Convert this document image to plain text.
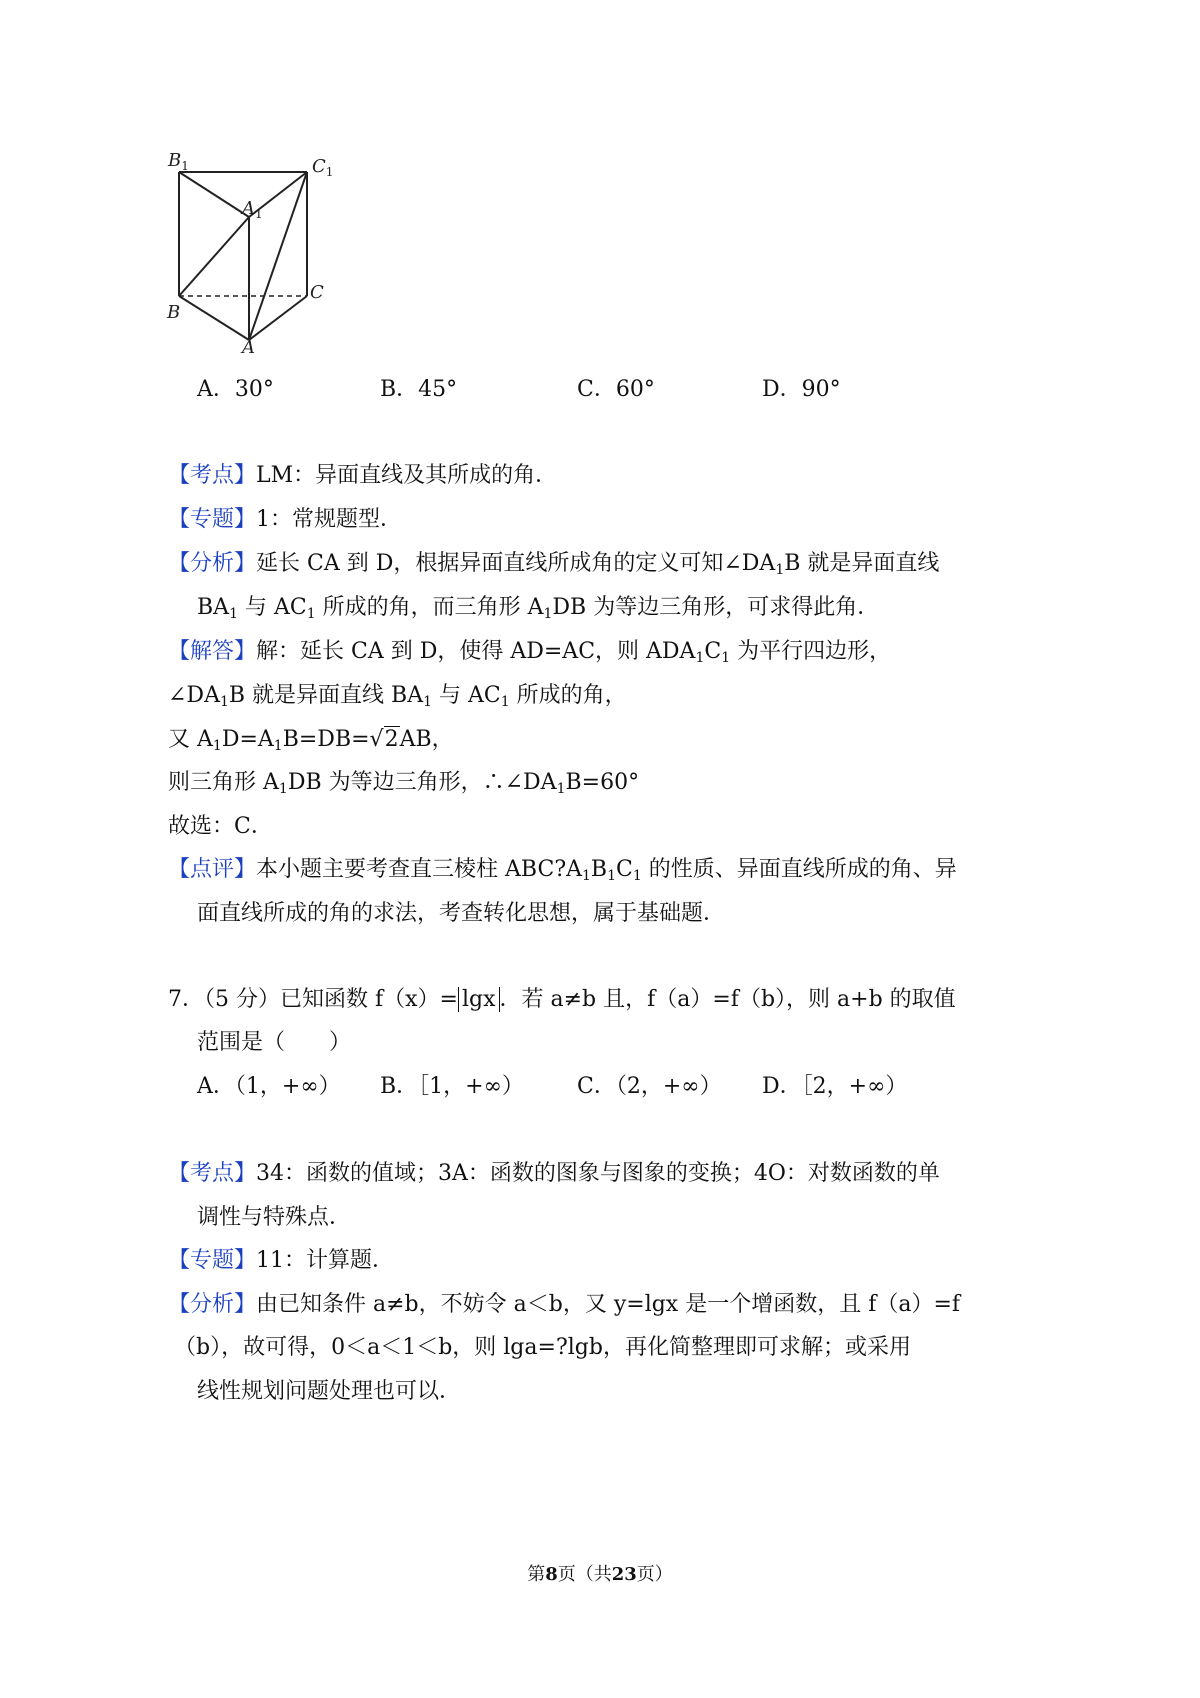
$B_1$	$C_1$
$A_1$
B
C
A
A．30°	B．45°	C．60°	D．90°
【考点】LM：异面直线及其所成的角．
【专题】1：常规题型．
【分析】延长 CA 到 D，根据异面直线所成角的定义可知$\angle DA_1B$ 就是异面直线
$BA_1$ 与 $AC_1$ 所成的角，而三角形 $A_1DB$ 为等边三角形，可求得此角．
【解答】解：延长 CA 到 D，使得 AD=AC，则 $ADA_1C_1$ 为平行四边形，
$\angle DA_1B$ 就是异面直线 $BA_1$ 与 $AC_1$ 所成的角，
又 $A_1D=A_1B=DB=√2AB$，
则三角形 $A_1DB$ 为等边三角形，$\therefore\angle DA_1B=60^\circ$
故选：C．
【点评】本小题主要考查直三棱柱 $ABC?A_1B_1C_1$ 的性质、异面直线所成的角、异
面直线所成的角的求法，考查转化思想，属于基础题．
7．（5 分）已知函数 f（x）= lgx ．若 a≠b 且，f（a）=f（b），则 a+b 的取值
范围是（　　）
A．（1，+∞） B．［1，+∞） C．（2，+∞） D．［2，+∞）
【考点】34：函数的值域；3A：函数的图象与图象的变换；4O：对数函数的单
调性与特殊点．
【专题】11：计算题．
【分析】由已知条件 a≠b，不妨令 a＜b，又 y=lgx 是一个增函数，且 f（a）=f
（b），故可得，0＜a＜1＜b，则 lga=?lgb，再化简整理即可求解；或采用
线性规划问题处理也可以．
第8页（共23页）
